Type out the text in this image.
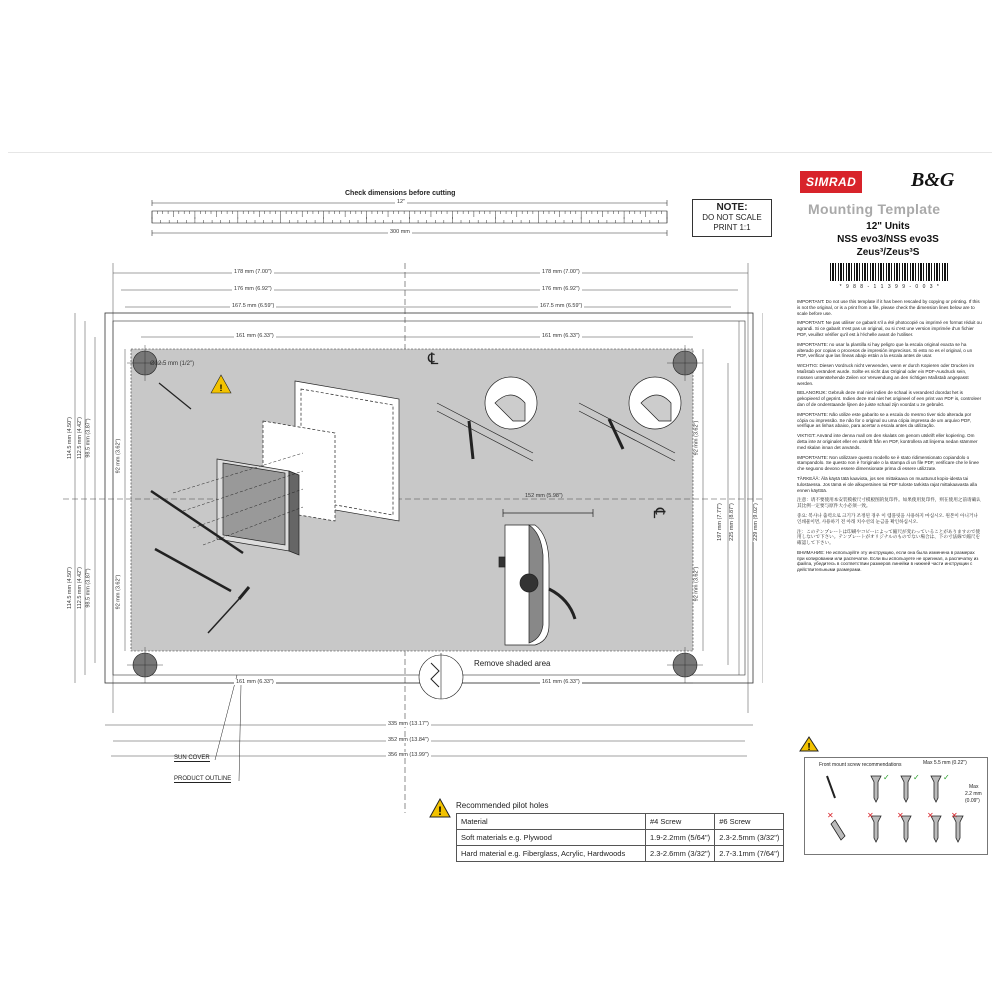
Check dimensions before cutting
12"
300 mm
NOTE:
DO NOT SCALE
PRINT 1:1
SIMRAD	B&G
Mounting Template
12" Units
NSS evo3/NSS evo3S
Zeus³/Zeus³S
* 9 8 8 - 1 1 3 9 9 - 0 0 3 *
IMPORTANT: Do not use this template if it has been rescaled by copying or printing. If this is not the original, or is a print from a file, please check the dimension lines below are to scale before use.
IMPORTANT: Ne pas utiliser ce gabarit s'il a été photocopié ou imprimé en format réduit ou agrandi. Si ce gabarit n'est pas un original, ou si c'est une version imprimée d'un fichier PDF, veuillez vérifier qu'il est à l'échelle avant de l'utiliser.
IMPORTANTE: no usar la plantilla si hay peligro que la escala original exacta se ha alterado por copias o procesos de impresión imprecisos. Si esto no es el original, o un PDF, verificar que las líneas abajo están a la escala antes de usar.
WICHTIG: Diesen Vordruck nicht verwenden, wenn er durch Kopieren oder Drucken im Maßstab verändert wurde. Sollte es nicht das Original oder ein PDF-Ausdruck sein, müssen untenstehende Zeilen vor Verwendung an den richtigen Maßstab angepasst werden.
BELANGRIJK: Gebruik deze mal niet indien de schaal is veranderd doordat het is gekopieerd of geprint. Indien deze mal niet het origineel of een print van PDF is, controleer dan of de onderstaande lijnen de juiste schaal zijn voordat u ze gebruikt.
IMPORTANTE: Não utilize este gabarito se a escala do mesmo tiver sido alterada por cópia ou impressão. Se não for o original ou uma cópia impressa de um arquivo PDF, verifique as linhas abaixo, para acertar a escala antes da utilização.
VIKTIGT: Använd inte denna mall om den skalats om genom utskrift eller kopiering. Om detta inte är originalet eller en utskrift från en PDF, kontrollera att linjerna nedan stämmer med skalan innan det används.
IMPORTANTE: Non utilizzare questo modello se è stato ridimensionato copiandolo o stampandolo. Se questo non è l'originale o la stampa di un file PDF, verificare che le linee che seguono devono essere dimensionate prima di essere utilizzate.
TÄRKEÄÄ: Älä käytä tätä kaaviota, jos sen mittakaava on muuttunut kopio-idesta tai tulostaessa. Jos tämä ei ole alkuperäinen tai PDF tuloste tarkista rajat mittakaavasta alla ennen käyttöä.
注意：请不要使用本安装模板尺寸模板图的复印件。如果使用复印件，则在使用之前请确认其比例一定要与原件大小必须一致。
중요: 복사나 출력으로 크기가 조정된 경우 이 템플릿을 사용하지 마십시오. 원본이 아니거나 인쇄물이면, 사용하기 전 아래 치수선의 눈금을 확인하십시오.
注：このテンプレートは印刷やコピーによって縮尺が変わっていることがありますので使用しないで下さい。テンプレートがオリジナルのものでない場合は、下の寸法線で縮尺を確認して下さい。
ВНИМАНИЕ: Не используйте эту инструкцию, если она была изменена в размерах при копировании или распечатке. Если вы используете не оригинал, а распечатку из файла, убедитесь в соответствии размеров линейки в нижней части инструкции с действительными размерами.
!
178 mm (7.00")	178 mm (7.00")
176 mm (6.92")	176 mm (6.92")
167.5 mm (6.59")	167.5 mm (6.59")
161 mm (6.33")	161 mm (6.33")
161 mm (6.33")	161 mm (6.33")
335 mm (13.17")
352 mm (13.84")
356 mm (13.99")
Ø12.5 mm (1/2")
152 mm (5.98")
114.5 mm (4.50") 112.5 mm (4.42") 98.5 mm (3.87")	92 mm (3.62")
114.5 mm (4.50") 112.5 mm (4.42") 98.5 mm (3.87")	92 mm (3.62")
92 mm (3.62")
92 mm (3.62")
197 mm (7.77") 225 mm (8.87")	229 mm (9.02")
℄
℄
Remove shaded area
SUN COVER
PRODUCT OUTLINE
Recommended pilot holes
!
Material	#4 Screw	#6 Screw
Soft materials e.g. Plywood	1.9-2.2mm (5/64")	2.3-2.5mm (3/32")
Hard material e.g. Fiberglass, Acrylic, Hardwoods	2.3-2.6mm (3/32")	2.7-3.1mm (7/64")
!
Front mount screw recommendations	Max 5.5 mm (0.22")
Max
2.2 mm
(0.09")
✓	✓	✓
✕	✕	✕	✕ ✕
